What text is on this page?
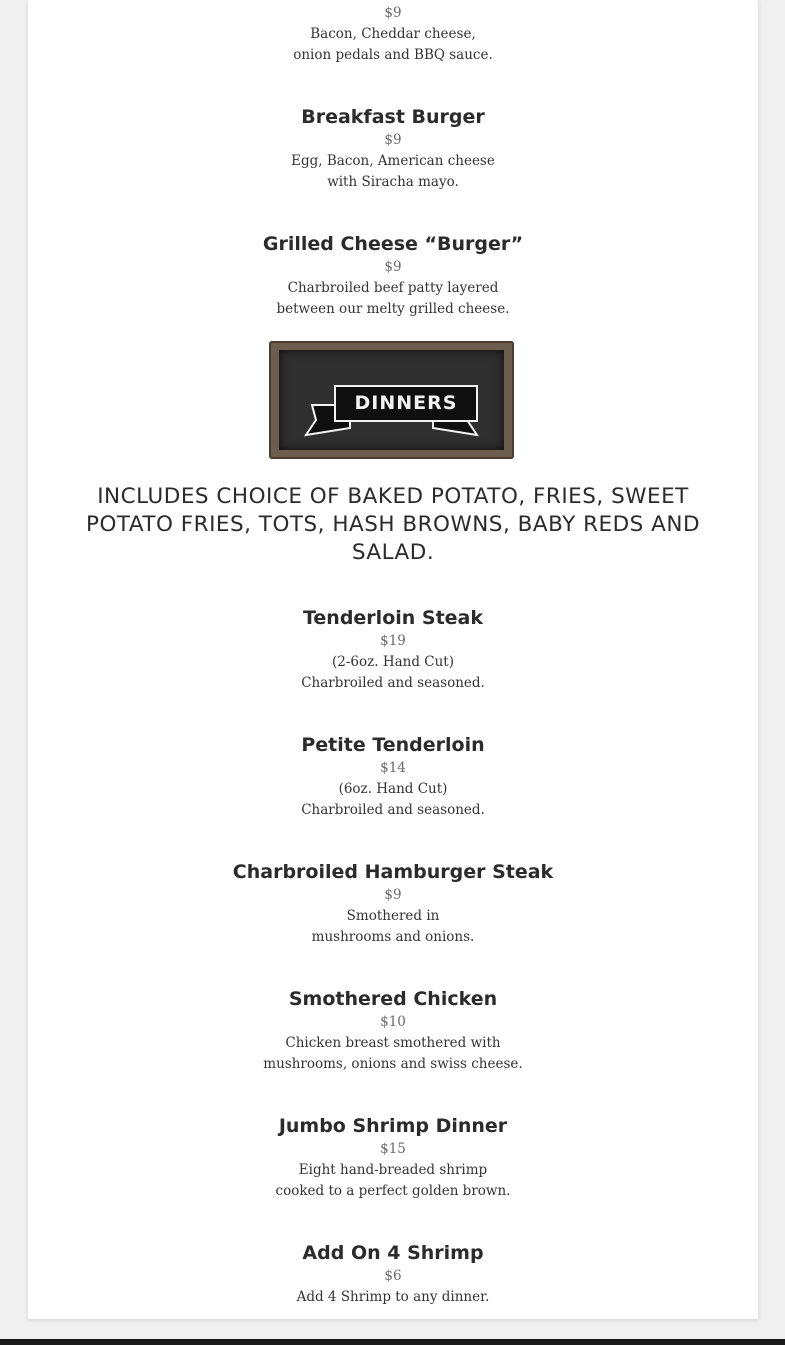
$9
Bacon, Cheddar cheese,
onion pedals and BBQ sauce.
Breakfast Burger
$9
Egg, Bacon, American cheese
with Siracha mayo.
Grilled Cheese “Burger”
$9
Charbroiled beef patty layered
between our melty grilled cheese.
DINNERS
INCLUDES CHOICE OF BAKED POTATO, FRIES, SWEET POTATO FRIES, TOTS, HASH BROWNS, BABY REDS AND SALAD.
Tenderloin Steak
$19
(2-6oz. Hand Cut)
Charbroiled and seasoned.
Petite Tenderloin
$14
(6oz. Hand Cut)
Charbroiled and seasoned.
Charbroiled Hamburger Steak
$9
Smothered in
mushrooms and onions.
Smothered Chicken
$10
Chicken breast smothered with
mushrooms, onions and swiss cheese.
Jumbo Shrimp Dinner
$15
Eight hand-breaded shrimp
cooked to a perfect golden brown.
Add On 4 Shrimp
$6
Add 4 Shrimp to any dinner.
